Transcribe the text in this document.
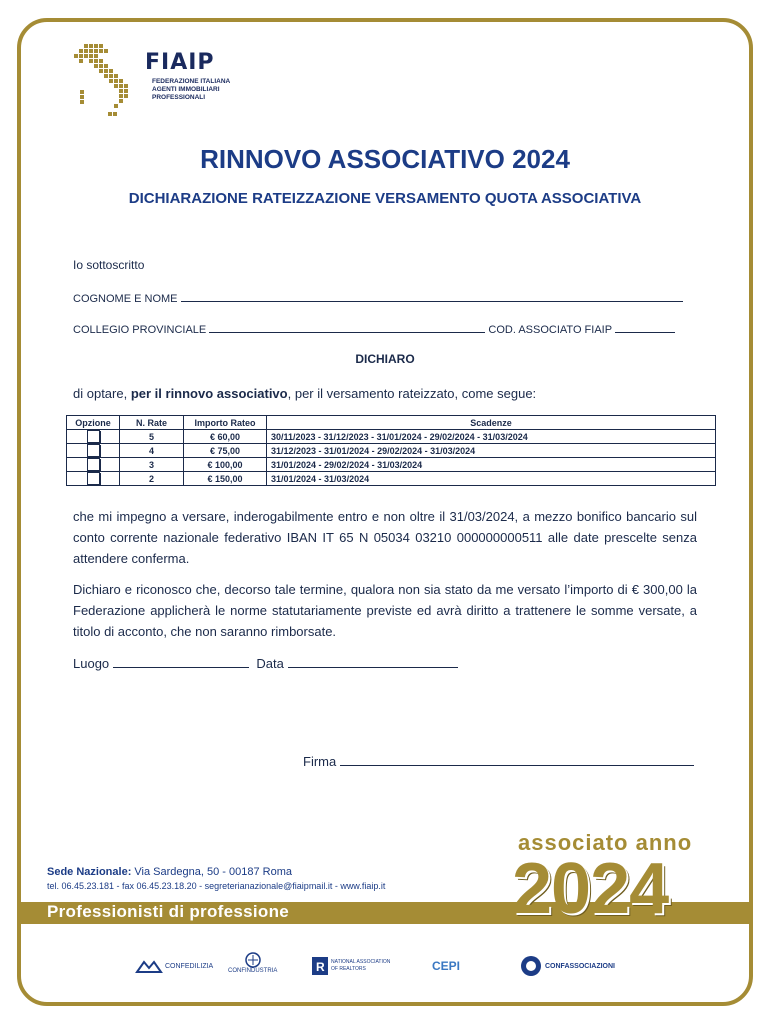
FIAIP
FEDERAZIONE ITALIANA
AGENTI IMMOBILIARI
PROFESSIONALI
RINNOVO ASSOCIATIVO 2024
DICHIARAZIONE RATEIZZAZIONE VERSAMENTO QUOTA ASSOCIATIVA
Io sottoscritto
COGNOME E NOME
COLLEGIO PROVINCIALE	COD. ASSOCIATO FIAIP
DICHIARO
di optare, per il rinnovo associativo, per il versamento rateizzato, come segue:
Opzione	N. Rate	Importo Rateo	Scadenze
	5	€ 60,00	30/11/2023 - 31/12/2023 - 31/01/2024 - 29/02/2024 - 31/03/2024
	4	€ 75,00	31/12/2023 - 31/01/2024 - 29/02/2024 - 31/03/2024
	3	€ 100,00	31/01/2024 - 29/02/2024 - 31/03/2024
	2	€ 150,00	31/01/2024 - 31/03/2024
che mi impegno a versare, inderogabilmente entro e non oltre il 31/03/2024, a mezzo bonifico bancario sul conto corrente nazionale federativo IBAN IT 65 N 05034 03210 000000000511 alle date prescelte senza attendere conferma.
Dichiaro e riconosco che, decorso tale termine, qualora non sia stato da me versato l’importo di € 300,00 la Federazione applicherà le norme statutariamente previste ed avrà diritto a trattenere le somme versate, a titolo di acconto, che non saranno rimborsate.
Luogo	Data
Firma
Sede Nazionale: Via Sardegna, 50 - 00187 Roma
tel. 06.45.23.181 - fax 06.45.23.18.20 - segreterianazionale@fiaipmail.it - www.fiaip.it
Professionisti di professione
associato anno
2024
CONFEDILIZIA
CONFINDUSTRIA	R NATIONAL ASSOCIATION OF REALTORS	CEPI	CONFASSOCIAZIONI
